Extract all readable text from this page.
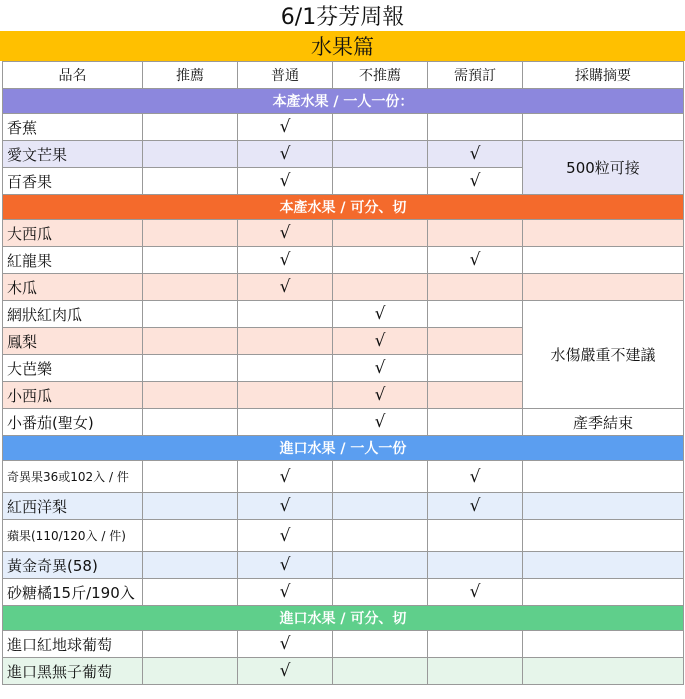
6/1芬芳周報
水果篇
品名	推薦	普通	不推薦	需預訂	採購摘要
本產水果 / 一人一份：					
香蕉		√			
愛文芒果		√		√	500粒可接
百香果		√		√	
本產水果 / 可分、切					
大西瓜		√			
紅龍果		√		√	
木瓜		√			
網狀紅肉瓜			√		水傷嚴重不建議
鳳梨			√		
大芭樂			√		
小西瓜			√		
小番茄(聖女)			√		產季結束
進口水果 / 一人一份					
奇異果36或102入 / 件		√		√	
紅西洋梨		√		√	
蘋果(110/120入 / 件)		√			
黃金奇異(58)		√			
砂糖橘15斤/190入		√		√	
進口水果 / 可分、切					
進口紅地球葡萄		√			
進口黑無子葡萄		√			
